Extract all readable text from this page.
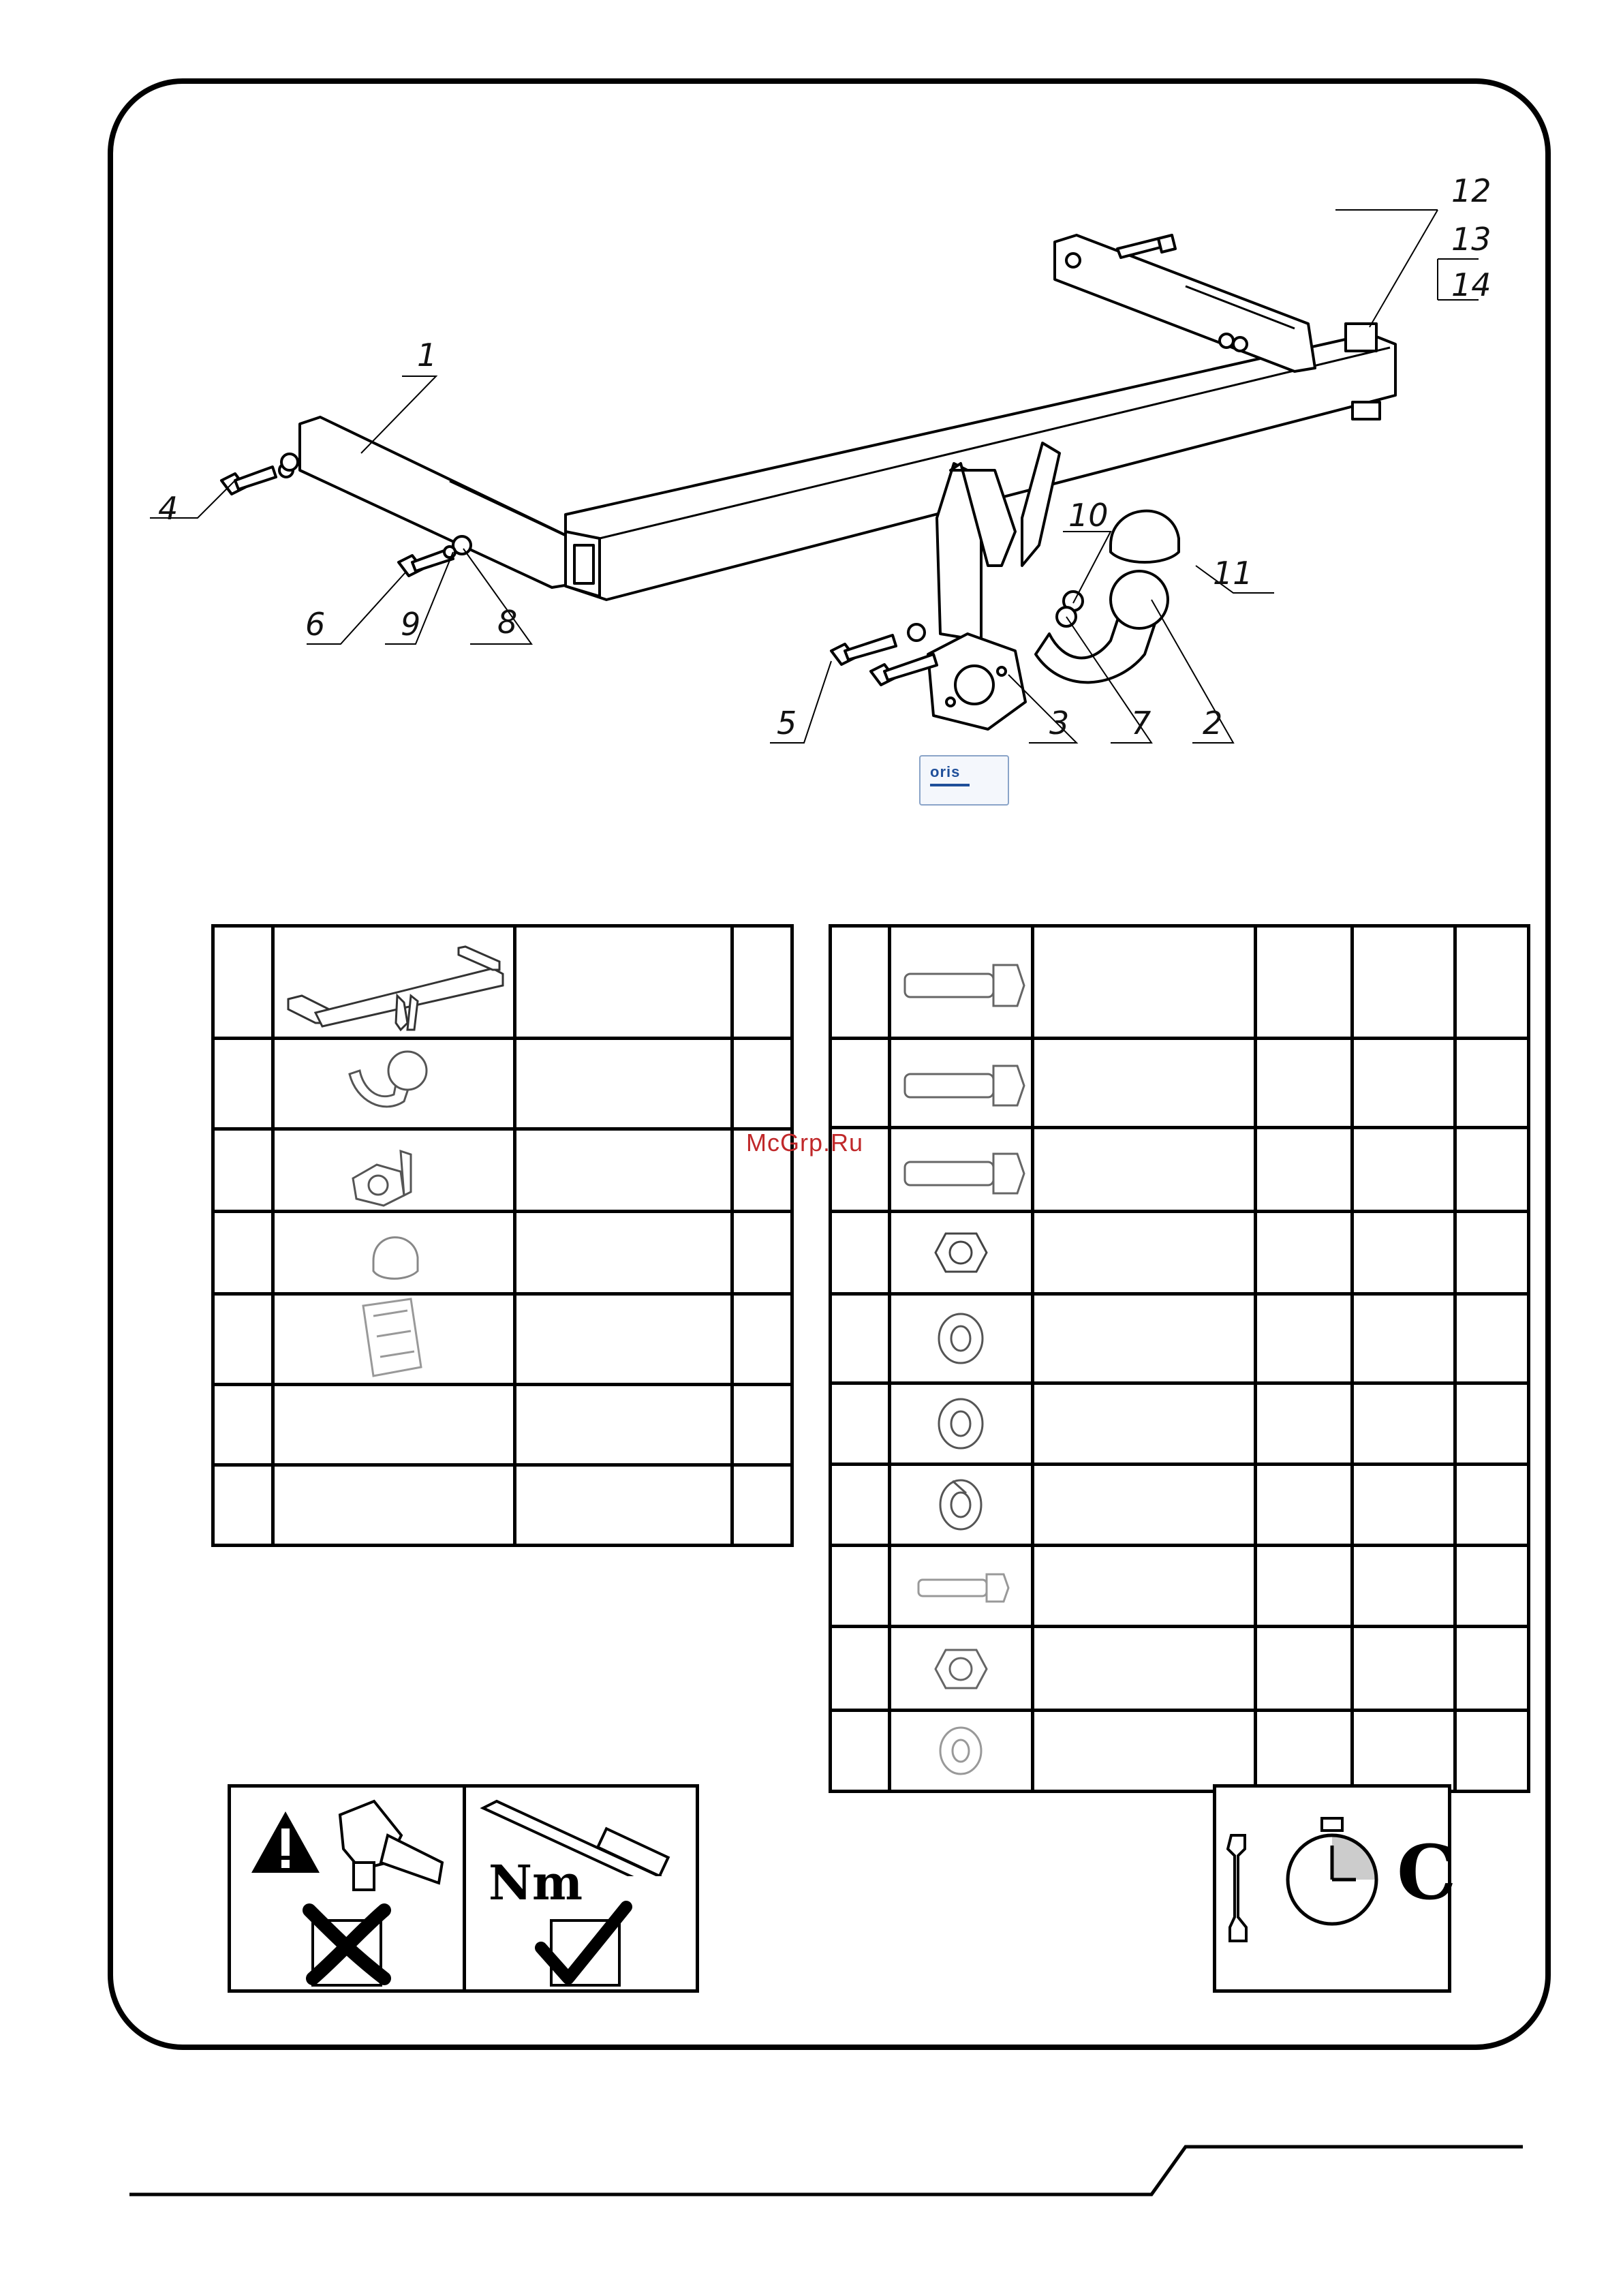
1
2
3
4
5
6
7
8
9
10
11
12
13
14
oris

McGrp.Ru

Nm	C
